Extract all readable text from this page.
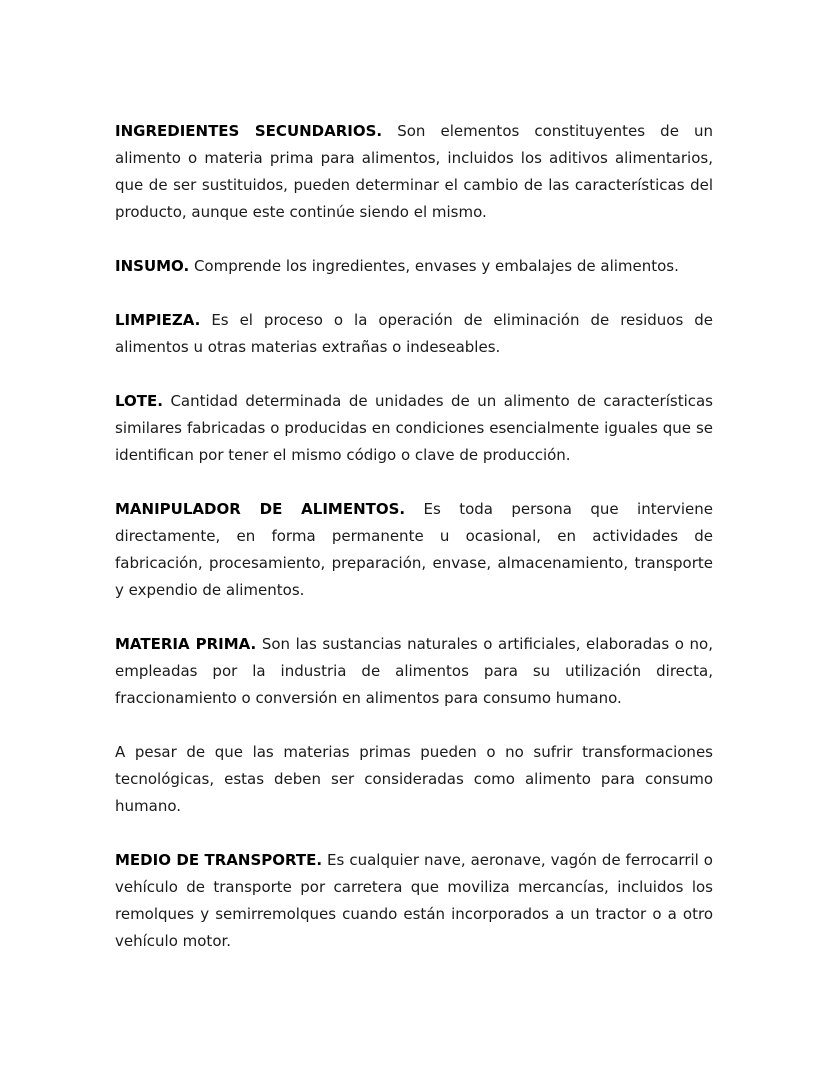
INGREDIENTES SECUNDARIOS. Son elementos constituyentes de un alimento o materia prima para alimentos, incluidos los aditivos alimentarios, que de ser sustituidos, pueden determinar el cambio de las características del producto, aunque este continúe siendo el mismo.

INSUMO. Comprende los ingredientes, envases y embalajes de alimentos.

LIMPIEZA. Es el proceso o la operación de eliminación de residuos de alimentos u otras materias extrañas o indeseables.

LOTE. Cantidad determinada de unidades de un alimento de características similares fabricadas o producidas en condiciones esencialmente iguales que se identifican por tener el mismo código o clave de producción.

MANIPULADOR DE ALIMENTOS. Es toda persona que interviene directamente, en forma permanente u ocasional, en actividades de fabricación, procesamiento, preparación, envase, almacenamiento, transporte y expendio de alimentos.

MATERIA PRIMA. Son las sustancias naturales o artificiales, elaboradas o no, empleadas por la industria de alimentos para su utilización directa, fraccionamiento o conversión en alimentos para consumo humano.

A pesar de que las materias primas pueden o no sufrir transformaciones tecnológicas, estas deben ser consideradas como alimento para consumo humano.

MEDIO DE TRANSPORTE. Es cualquier nave, aeronave, vagón de ferrocarril o vehículo de transporte por carretera que moviliza mercancías, incluidos los remolques y semirremolques cuando están incorporados a un tractor o a otro vehículo motor.
